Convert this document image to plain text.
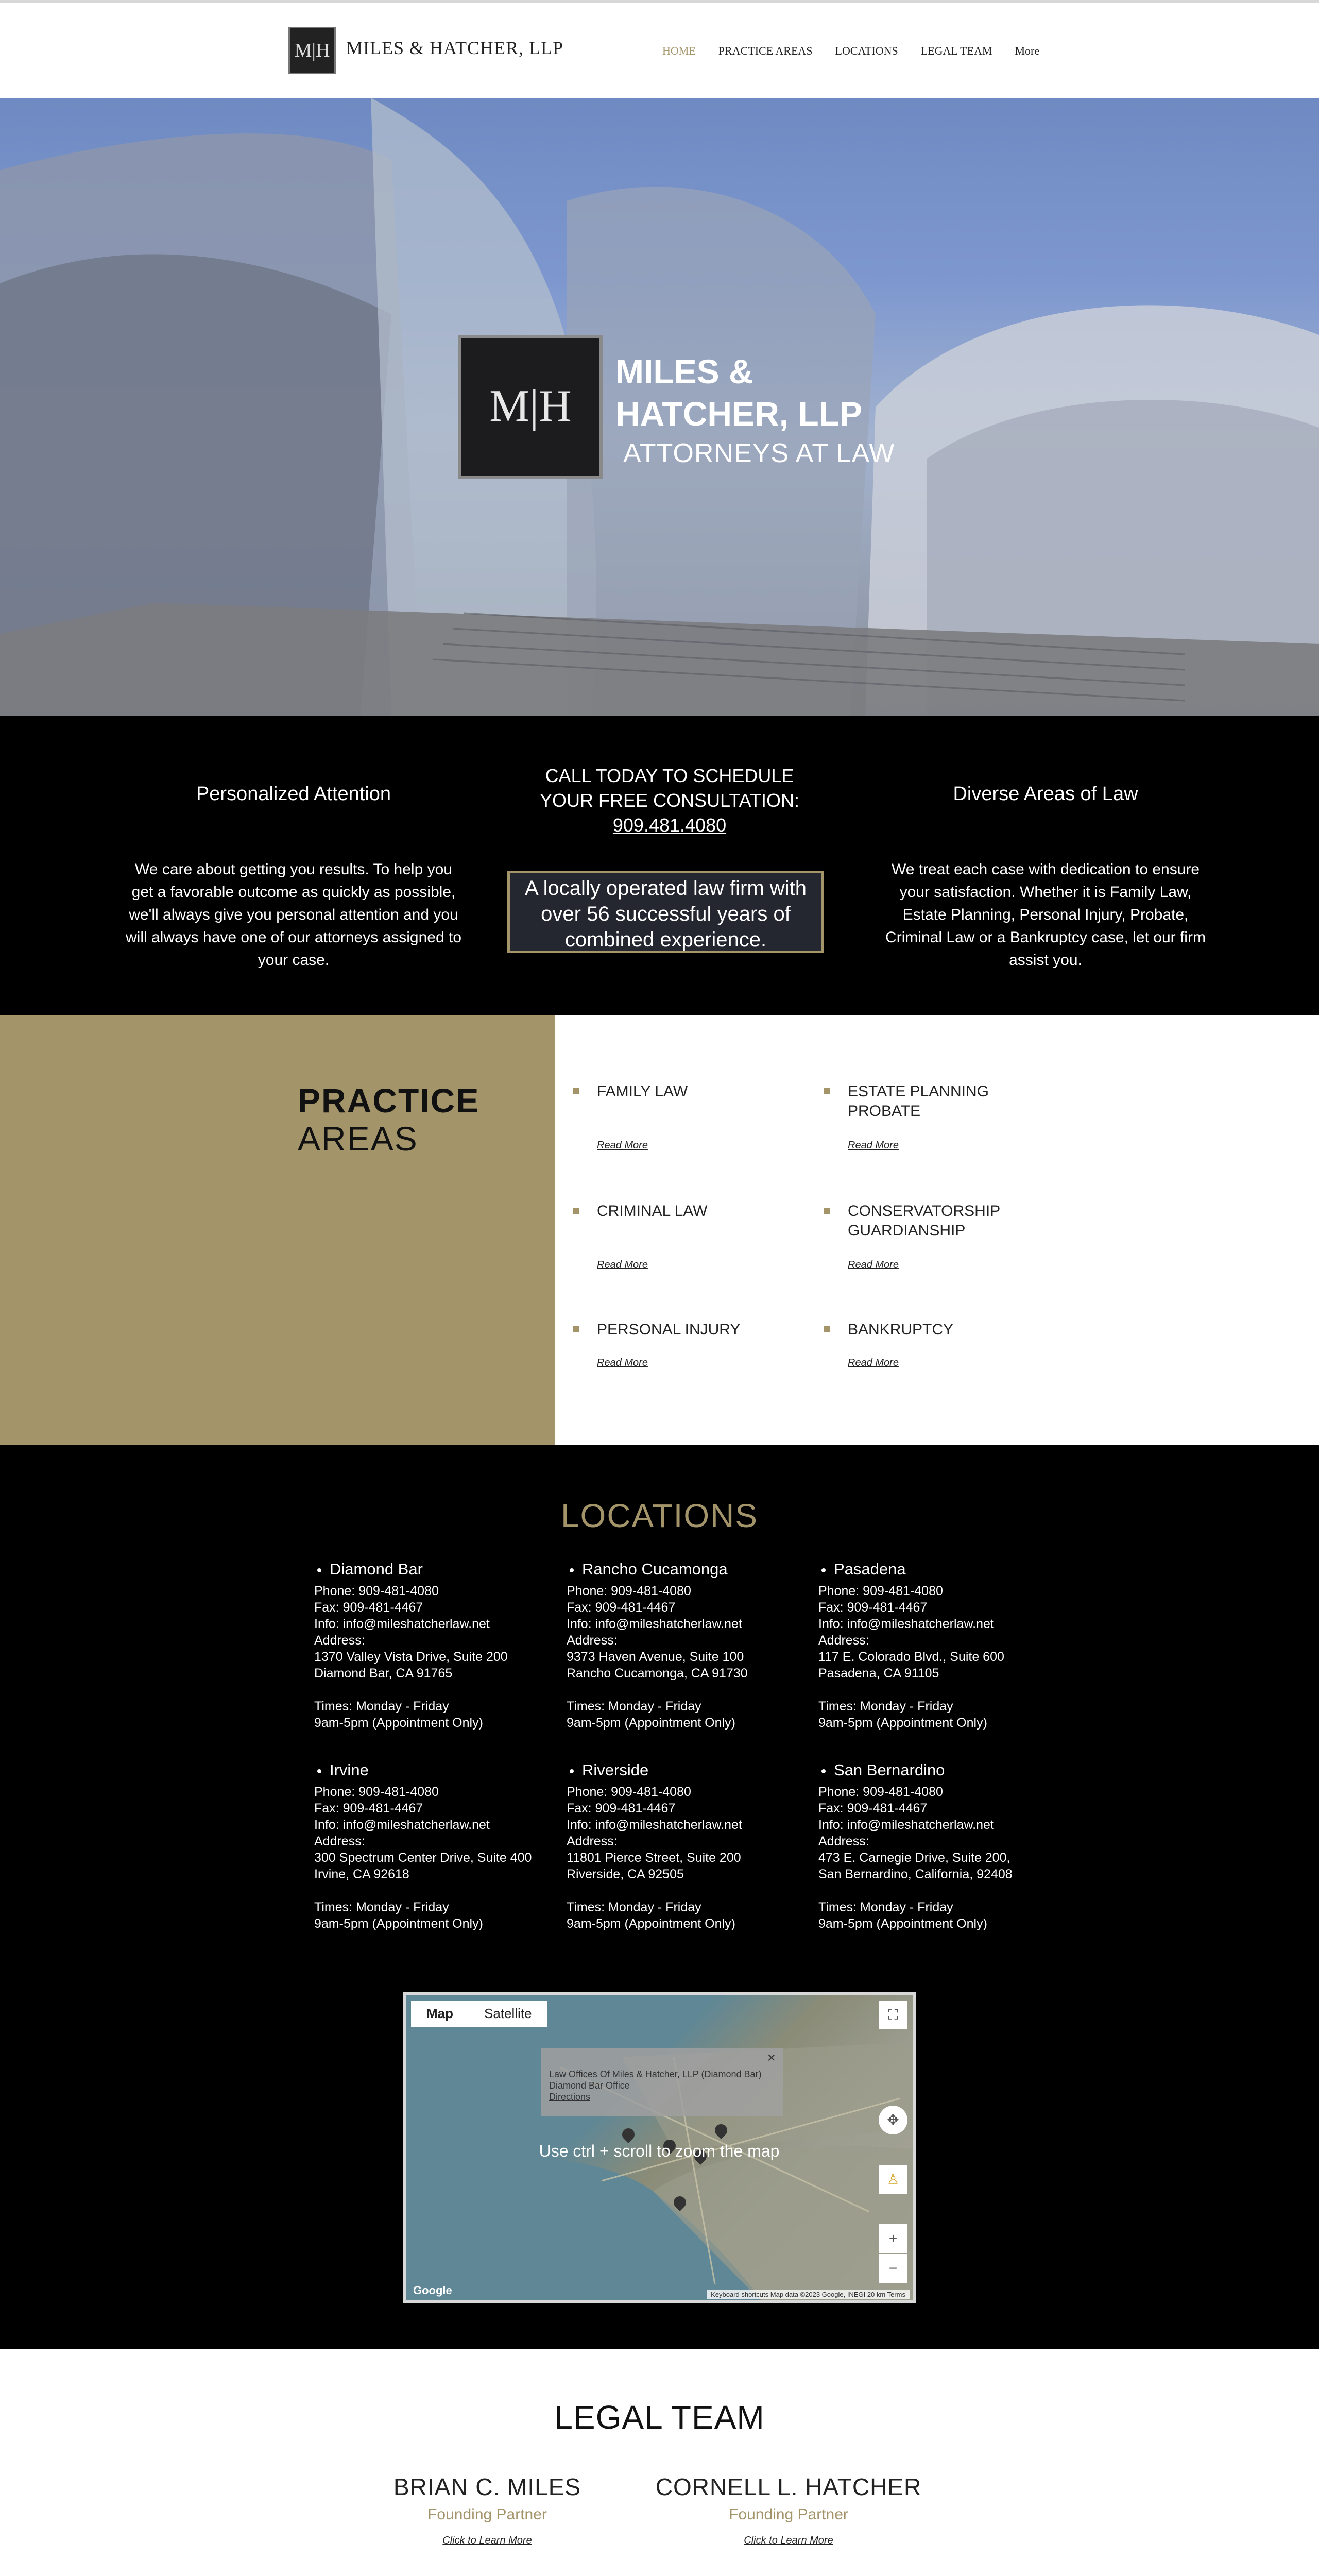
M|H MILES & HATCHER, LLP	HOME PRACTICE AREAS LOCATIONS LEGAL TEAM More
M|H
MILES &
HATCHER, LLP
ATTORNEYS AT LAW
Personalized Attention
We care about getting you results. To help you get a favorable outcome as quickly as possible, we'll always give you personal attention and you will always have one of our attorneys assigned to your case.
CALL TODAY TO SCHEDULE
YOUR FREE CONSULTATION:
909.481.4080
A locally operated law firm with over 56 successful years of combined experience.
Diverse Areas of Law
We treat each case with dedication to ensure your satisfaction. Whether it is Family Law, Estate Planning, Personal Injury, Probate, Criminal Law or a Bankruptcy case, let our firm assist you.
PRACTICE
AREAS
FAMILY LAW
Read More
ESTATE PLANNING PROBATE
Read More
CRIMINAL LAW
Read More
CONSERVATORSHIP GUARDIANSHIP
Read More
PERSONAL INJURY
Read More
BANKRUPTCY
Read More
LOCATIONS
Diamond Bar
Phone: 909-481-4080
Fax: 909-481-4467
Info: info@mileshatcherlaw.net
Address:
1370 Valley Vista Drive, Suite 200
Diamond Bar, CA 91765
Times: Monday - Friday
9am-5pm (Appointment Only)
Rancho Cucamonga
Phone: 909-481-4080
Fax: 909-481-4467
Info: info@mileshatcherlaw.net
Address:
9373 Haven Avenue, Suite 100
Rancho Cucamonga, CA 91730
Times: Monday - Friday
9am-5pm (Appointment Only)
Pasadena
Phone: 909-481-4080
Fax: 909-481-4467
Info: info@mileshatcherlaw.net
Address:
117 E. Colorado Blvd., Suite 600
Pasadena, CA 91105
Times: Monday - Friday
9am-5pm (Appointment Only)
Irvine
Phone: 909-481-4080
Fax: 909-481-4467
Info: info@mileshatcherlaw.net
Address:
300 Spectrum Center Drive, Suite 400
Irvine, CA 92618
Times: Monday - Friday
9am-5pm (Appointment Only)
Riverside
Phone: 909-481-4080
Fax: 909-481-4467
Info: info@mileshatcherlaw.net
Address:
11801 Pierce Street, Suite 200
Riverside, CA 92505
Times: Monday - Friday
9am-5pm (Appointment Only)
San Bernardino
Phone: 909-481-4080
Fax: 909-481-4467
Info: info@mileshatcherlaw.net
Address:
473 E. Carnegie Drive, Suite 200,
San Bernardino, California, 92408
Times: Monday - Friday
9am-5pm (Appointment Only)
Map	Satellite
×
Law Offices Of Miles & Hatcher, LLP (Diamond Bar)
Diamond Bar Office
Directions
Use ctrl + scroll to zoom the map
⛶
✥
♙
+
−
Google	Keyboard shortcuts Map data ©2023 Google, INEGI 20 km Terms
LEGAL TEAM
BRIAN C. MILES
Founding Partner
Click to Learn More
CORNELL L. HATCHER
Founding Partner
Click to Learn More
